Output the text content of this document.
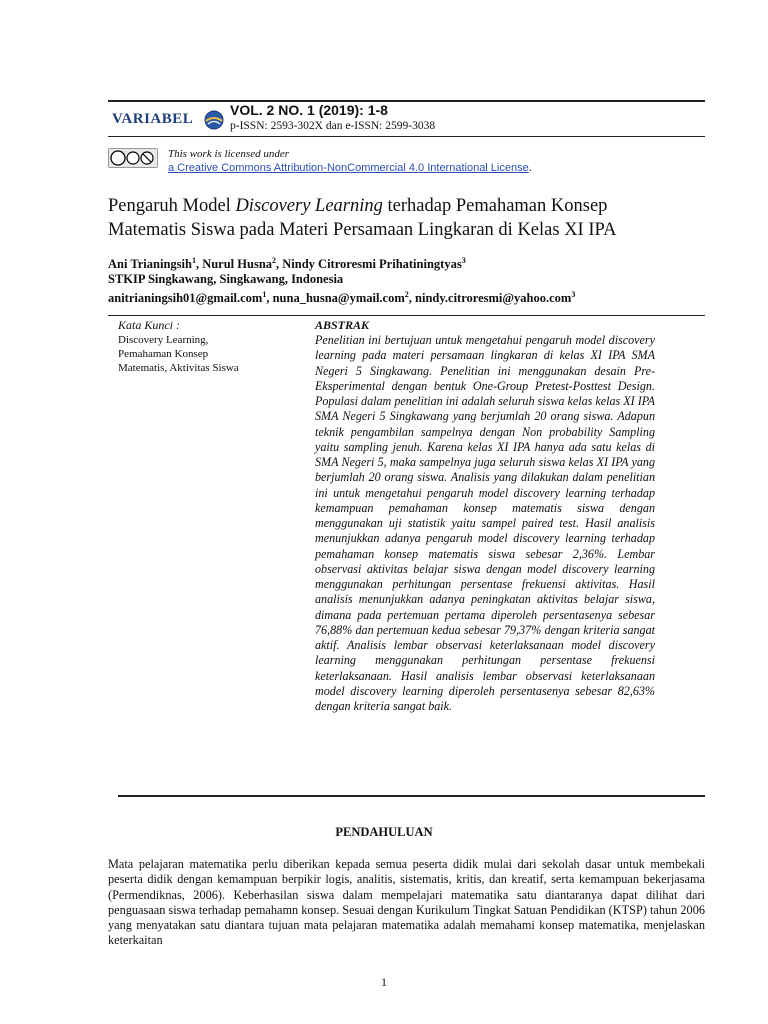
VARIABEL
VOL. 2 NO. 1 (2019): 1-8
p-ISSN: 2593-302X dan e-ISSN: 2599-3038
This work is licensed under
a Creative Commons Attribution-NonCommercial 4.0 International License.
Pengaruh Model Discovery Learning terhadap Pemahaman Konsep
Matematis Siswa pada Materi Persamaan Lingkaran di Kelas XI IPA
Ani Trianingsih$^1$, Nurul Husna$^2$, Nindy Citroresmi Prihatiningtyas$^3$
STKIP Singkawang, Singkawang, Indonesia
anitrianingsih01@gmail.com$^1$, nuna_husna@ymail.com$^2$, nindy.citroresmi@yahoo.com$^3$
Kata Kunci :
Discovery Learning,
Pemahaman Konsep
Matematis, Aktivitas Siswa
ABSTRAK
Penelitian ini bertujuan untuk mengetahui pengaruh model discovery learning pada materi persamaan lingkaran di kelas XI IPA SMA Negeri 5 Singkawang. Penelitian ini menggunakan desain Pre-Eksperimental dengan bentuk One-Group Pretest-Posttest Design. Populasi dalam penelitian ini adalah seluruh siswa kelas kelas XI IPA SMA Negeri 5 Singkawang yang berjumlah 20 orang siswa. Adapun teknik pengambilan sampelnya dengan Non probability Sampling yaitu sampling jenuh. Karena kelas XI IPA hanya ada satu kelas di SMA Negeri 5, maka sampelnya juga seluruh siswa kelas XI IPA yang berjumlah 20 orang siswa. Analisis yang dilakukan dalam penelitian ini untuk mengetahui pengaruh model discovery learning terhadap kemampuan pemahaman konsep matematis siswa dengan menggunakan uji statistik yaitu sampel paired test. Hasil analisis menunjukkan adanya pengaruh model discovery learning terhadap pemahaman konsep matematis siswa sebesar 2,36%. Lembar observasi aktivitas belajar siswa dengan model discovery learning menggunakan perhitungan persentase frekuensi aktivitas. Hasil analisis menunjukkan adanya peningkatan aktivitas belajar siswa, dimana pada pertemuan pertama diperoleh persentasenya sebesar 76,88% dan pertemuan kedua sebesar 79,37% dengan kriteria sangat aktif. Analisis lembar observasi keterlaksanaan model discovery learning menggunakan perhitungan persentase frekuensi keterlaksanaan. Hasil analisis lembar observasi keterlaksanaan model discovery learning diperoleh persentasenya sebesar 82,63% dengan kriteria sangat baik.
PENDAHULUAN
Mata pelajaran matematika perlu diberikan kepada semua peserta didik mulai dari sekolah dasar untuk membekali peserta didik dengan kemampuan berpikir logis, analitis, sistematis, kritis, dan kreatif, serta kemampuan bekerjasama (Permendiknas, 2006). Keberhasilan siswa dalam mempelajari matematika satu diantaranya dapat dilihat dari penguasaan siswa terhadap pemahamn konsep. Sesuai dengan Kurikulum Tingkat Satuan Pendidikan (KTSP) tahun 2006 yang menyatakan satu diantara tujuan mata pelajaran matematika adalah memahami konsep matematika, menjelaskan keterkaitan
1
